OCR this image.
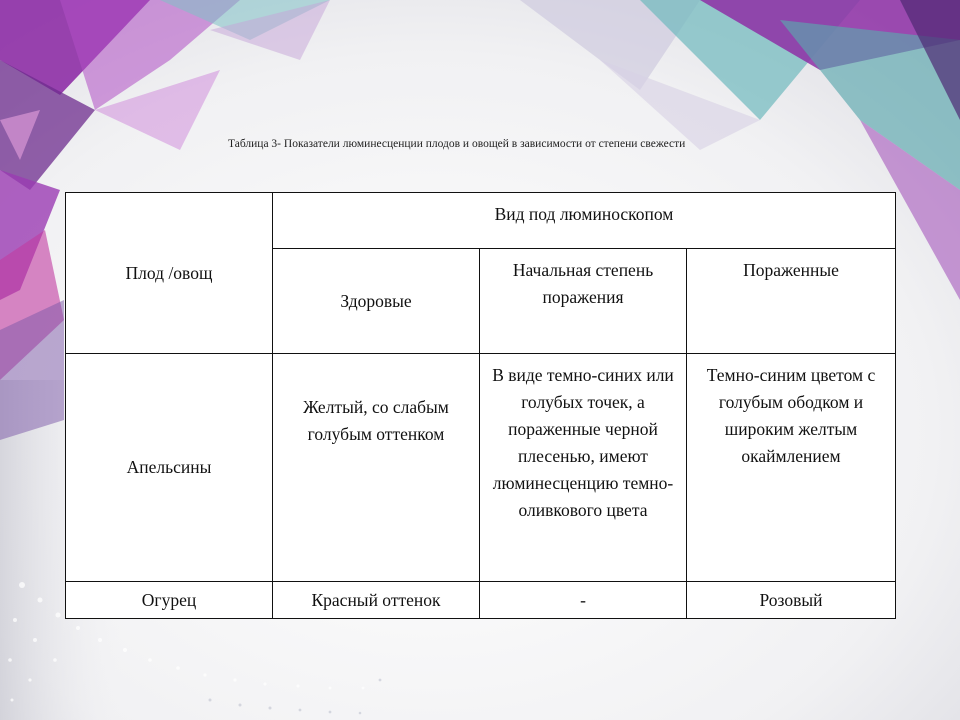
Таблица 3- Показатели люминесценции плодов и овощей в зависимости от степени свежести
Плод /овощ	Вид под люминоскопом		
	Здоровые	Начальная степень поражения	Пораженные
Апельсины	Желтый, со слабым голубым оттенком	В виде темно-синих или голубых точек, а пораженные черной плесенью, имеют люминесценцию темно-оливкового цвета	Темно-синим цветом с голубым ободком и широким желтым окаймлением
Огурец	Красный оттенок	-	Розовый
